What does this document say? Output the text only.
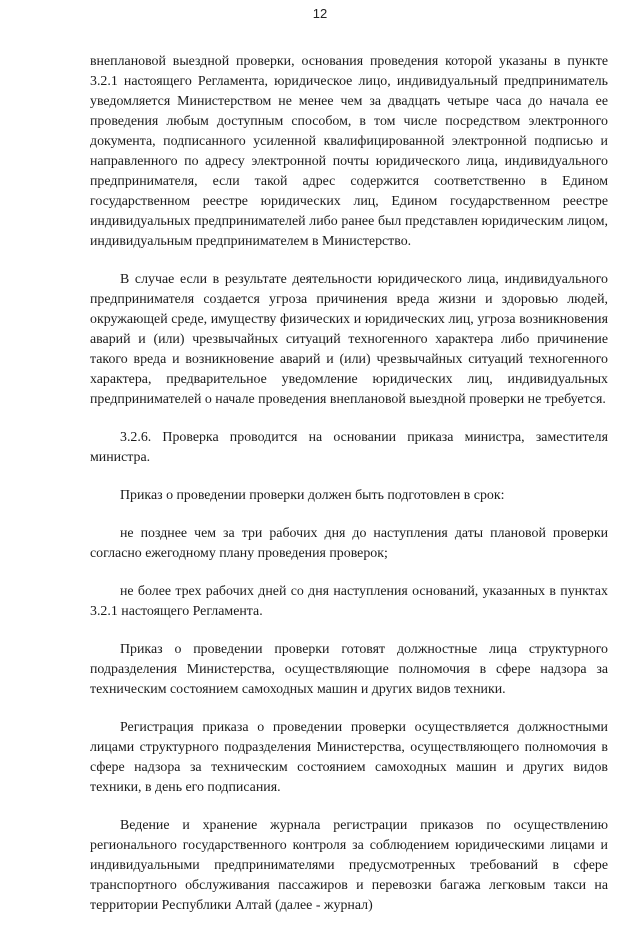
12

внеплановой выездной проверки, основания проведения которой указаны в пункте 3.2.1 настоящего Регламента, юридическое лицо, индивидуальный предприниматель уведомляется Министерством не менее чем за двадцать четыре часа до начала ее проведения любым доступным способом, в том числе посредством электронного документа, подписанного усиленной квалифицированной электронной подписью и направленного по адресу электронной почты юридического лица, индивидуального предпринимателя, если такой адрес содержится соответственно в Едином государственном реестре юридических лиц, Едином государственном реестре индивидуальных предпринимателей либо ранее был представлен юридическим лицом, индивидуальным предпринимателем в Министерство.

В случае если в результате деятельности юридического лица, индивидуального предпринимателя создается угроза причинения вреда жизни и здоровью людей, окружающей среде, имуществу физических и юридических лиц, угроза возникновения аварий и (или) чрезвычайных ситуаций техногенного характера либо причинение такого вреда и возникновение аварий и (или) чрезвычайных ситуаций техногенного характера, предварительное уведомление юридических лиц, индивидуальных предпринимателей о начале проведения внеплановой выездной проверки не требуется.

3.2.6. Проверка проводится на основании приказа министра, заместителя министра.

Приказ о проведении проверки должен быть подготовлен в срок:

не позднее чем за три рабочих дня до наступления даты плановой проверки согласно ежегодному плану проведения проверок;

не более трех рабочих дней со дня наступления оснований, указанных в пунктах 3.2.1 настоящего Регламента.

Приказ о проведении проверки готовят должностные лица структурного подразделения Министерства, осуществляющие полномочия в сфере надзора за техническим состоянием самоходных машин и других видов техники.

Регистрация приказа о проведении проверки осуществляется должностными лицами структурного подразделения Министерства, осуществляющего полномочия в сфере надзора за техническим состоянием самоходных машин и других видов техники, в день его подписания.

Ведение и хранение журнала регистрации приказов по осуществлению регионального государственного контроля за соблюдением юридическими лицами и индивидуальными предпринимателями предусмотренных требований в сфере транспортного обслуживания пассажиров и перевозки багажа легковым такси на территории Республики Алтай (далее - журнал)
